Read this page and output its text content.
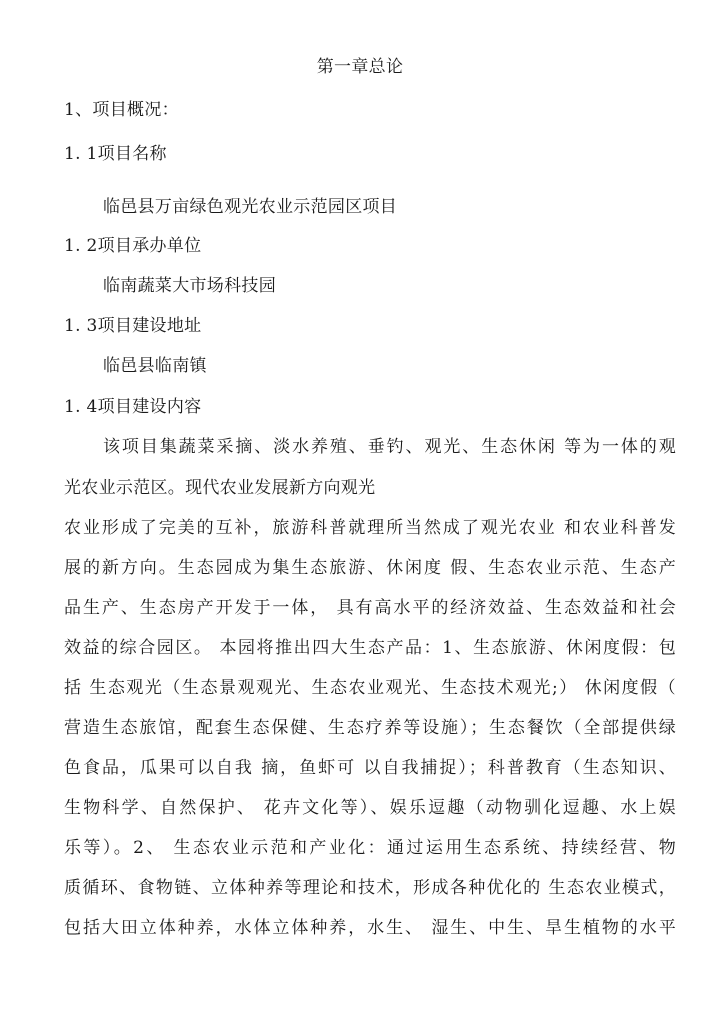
第一章总论
1、项目概况：
1. 1项目名称
临邑县万亩绿色观光农业示范园区项目
1. 2项目承办单位
临南蔬菜大市场科技园
1. 3项目建设地址
临邑县临南镇
1. 4项目建设内容
该项目集蔬菜采摘、淡水养殖、垂钓、观光、生态休闲 等为一体的观
光农业示范区。现代农业发展新方向观光
农业形成了完美的互补，旅游科普就理所当然成了观光农业 和农业科普发
展的新方向。生态园成为集生态旅游、休闲度 假、生态农业示范、生态产
品生产、生态房产开发于一体， 具有高水平的经济效益、生态效益和社会
效益的综合园区。 本园将推出四大生态产品：1、生态旅游、休闲度假：包
括 生态观光（生态景观观光、生态农业观光、生态技术观光;） 休闲度假（
营造生态旅馆，配套生态保健、生态疗养等设施）；生态餐饮（全部提供绿
色食品，瓜果可以自我 摘，鱼虾可 以自我捕捉）；科普教育（生态知识、
生物科学、自然保护、 花卉文化等）、娱乐逗趣（动物驯化逗趣、水上娱
乐等）。2、 生态农业示范和产业化：通过运用生态系统、持续经营、物
质循环、食物链、立体种养等理论和技术，形成各种优化的 生态农业模式，
包括大田立体种养，水体立体种养，水生、 湿生、中生、旱生植物的水平
